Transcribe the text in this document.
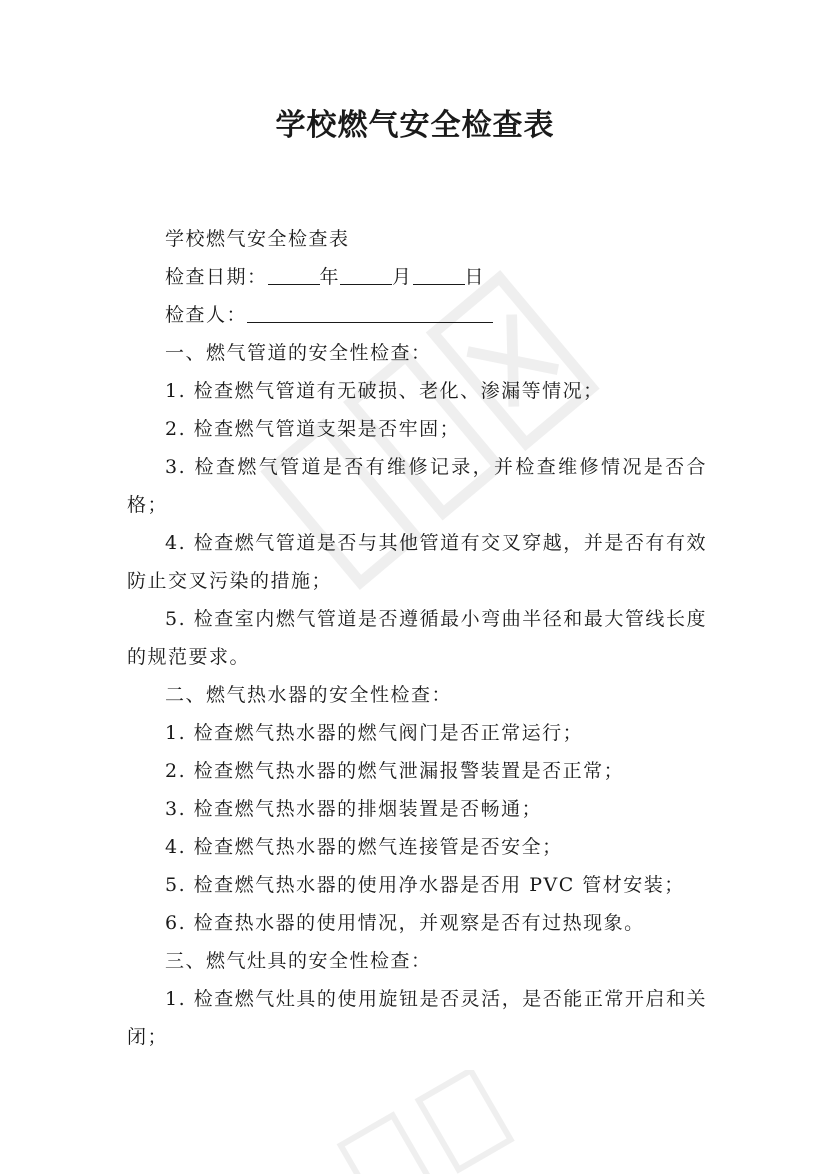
学校燃气安全检查表

学校燃气安全检查表

检查日期：	年	月	日

检查人：

一、燃气管道的安全性检查：

1. 检查燃气管道有无破损、老化、渗漏等情况；

2. 检查燃气管道支架是否牢固；

3. 检查燃气管道是否有维修记录，并检查维修情况是否合格；

4. 检查燃气管道是否与其他管道有交叉穿越，并是否有有效防止交叉污染的措施；

5. 检查室内燃气管道是否遵循最小弯曲半径和最大管线长度的规范要求。

二、燃气热水器的安全性检查：

1. 检查燃气热水器的燃气阀门是否正常运行；

2. 检查燃气热水器的燃气泄漏报警装置是否正常；

3. 检查燃气热水器的排烟装置是否畅通；

4. 检查燃气热水器的燃气连接管是否安全；

5. 检查燃气热水器的使用净水器是否用 PVC 管材安装；

6. 检查热水器的使用情况，并观察是否有过热现象。

三、燃气灶具的安全性检查：

1. 检查燃气灶具的使用旋钮是否灵活，是否能正常开启和关闭；
